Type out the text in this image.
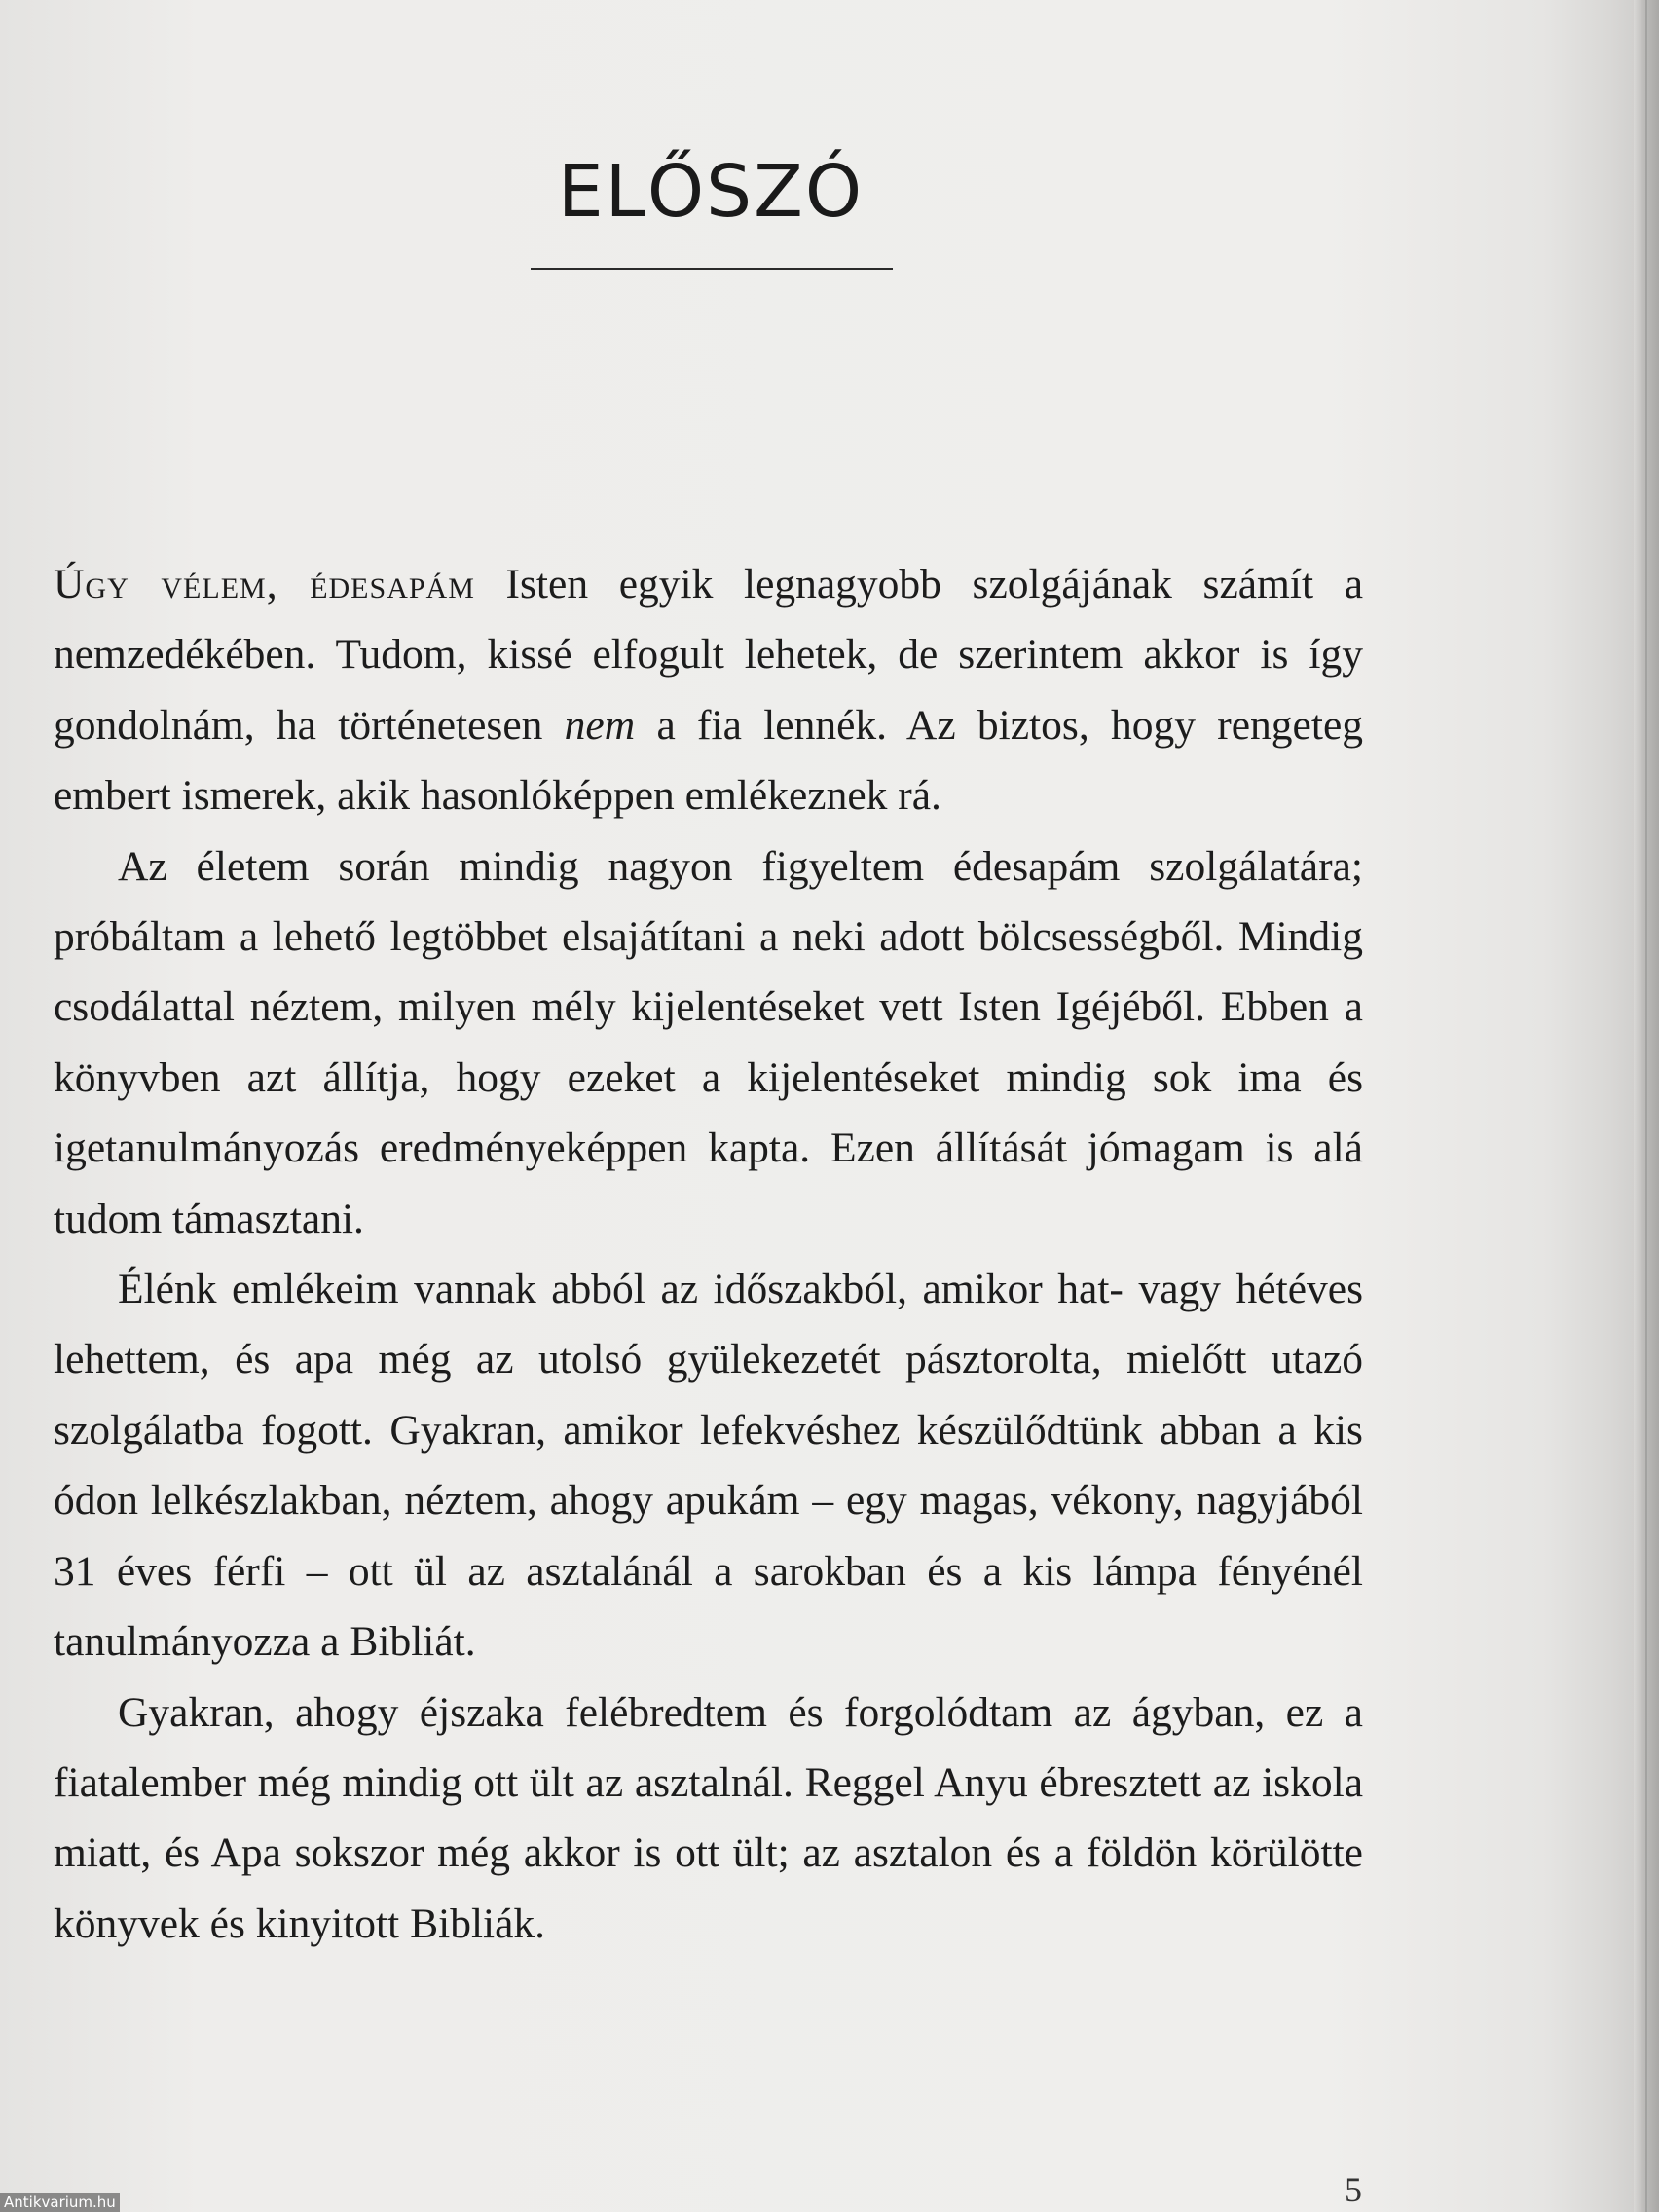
ELŐSZÓ

Úgy vélem, édesapám Isten egyik legnagyobb szolgájának számít a nemzedékében. Tudom, kissé elfogult lehetek, de szerintem akkor is így gondolnám, ha történetesen nem a fia lennék. Az biztos, hogy rengeteg embert ismerek, akik hasonlóképpen emlékeznek rá.

Az életem során mindig nagyon figyeltem édesapám szolgálatára; próbáltam a lehető legtöbbet elsajátítani a neki adott bölcsességből. Mindig csodálattal néztem, milyen mély kijelentéseket vett Isten Igéjéből. Ebben a könyvben azt állítja, hogy ezeket a kijelentéseket mindig sok ima és igetanulmányozás eredményeképpen kapta. Ezen állítását jómagam is alá tudom támasztani.

Élénk emlékeim vannak abból az időszakból, amikor hat- vagy hétéves lehettem, és apa még az utolsó gyülekezetét pásztorolta, mielőtt utazó szolgálatba fogott. Gyakran, amikor lefekvéshez készülődtünk abban a kis ódon lelkészlakban, néztem, ahogy apukám – egy magas, vékony, nagyjából 31 éves férfi – ott ül az asztalánál a sarokban és a kis lámpa fényénél tanulmányozza a Bibliát.

Gyakran, ahogy éjszaka felébredtem és forgolódtam az ágyban, ez a fiatalember még mindig ott ült az asztalnál. Reggel Anyu ébresztett az iskola miatt, és Apa sokszor még akkor is ott ült; az asztalon és a földön körülötte könyvek és kinyitott Bibliák.

5
Antikvarium.hu
